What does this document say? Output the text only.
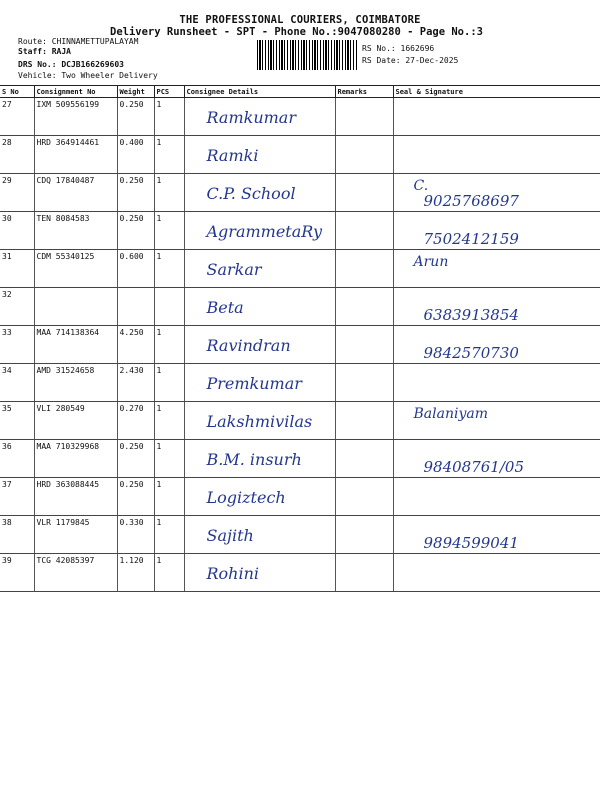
THE PROFESSIONAL COURIERS, COIMBATORE
Delivery Runsheet - SPT - Phone No.:9047080280 - Page No.:3
Route: CHINNAMETTUPALAYAM
Staff: RAJA
DRS No.: DCJB166269603
Vehicle: Two Wheeler Delivery
RS No.: 1662696
RS Date: 27-Dec-2025
S No	Consignment No	Weight	PCS	Consignee Details	Remarks	Seal & Signature
27	IXM 509556199	0.250	1	Ramkumar		

28	HRD 364914461	0.400	1	Ramki		

29	CDQ 17840487	0.250	1	C.P. School		C.
9025768697

30	TEN 8084583	0.250	1	AgrammetaRy		7502412159

31	CDM 55340125	0.600	1	Sarkar		Arun

32				Beta		6383913854

33	MAA 714138364	4.250	1	Ravindran		9842570730

34	AMD 31524658	2.430	1	Premkumar		

35	VLI 280549	0.270	1	Lakshmivilas		Balaniyam

36	MAA 710329968	0.250	1	B.M. insurh		98408761/05

37	HRD 363088445	0.250	1	Logiztech		

38	VLR 1179845	0.330	1	Sajith		9894599041

39	TCG 42085397	1.120	1	Rohini		
